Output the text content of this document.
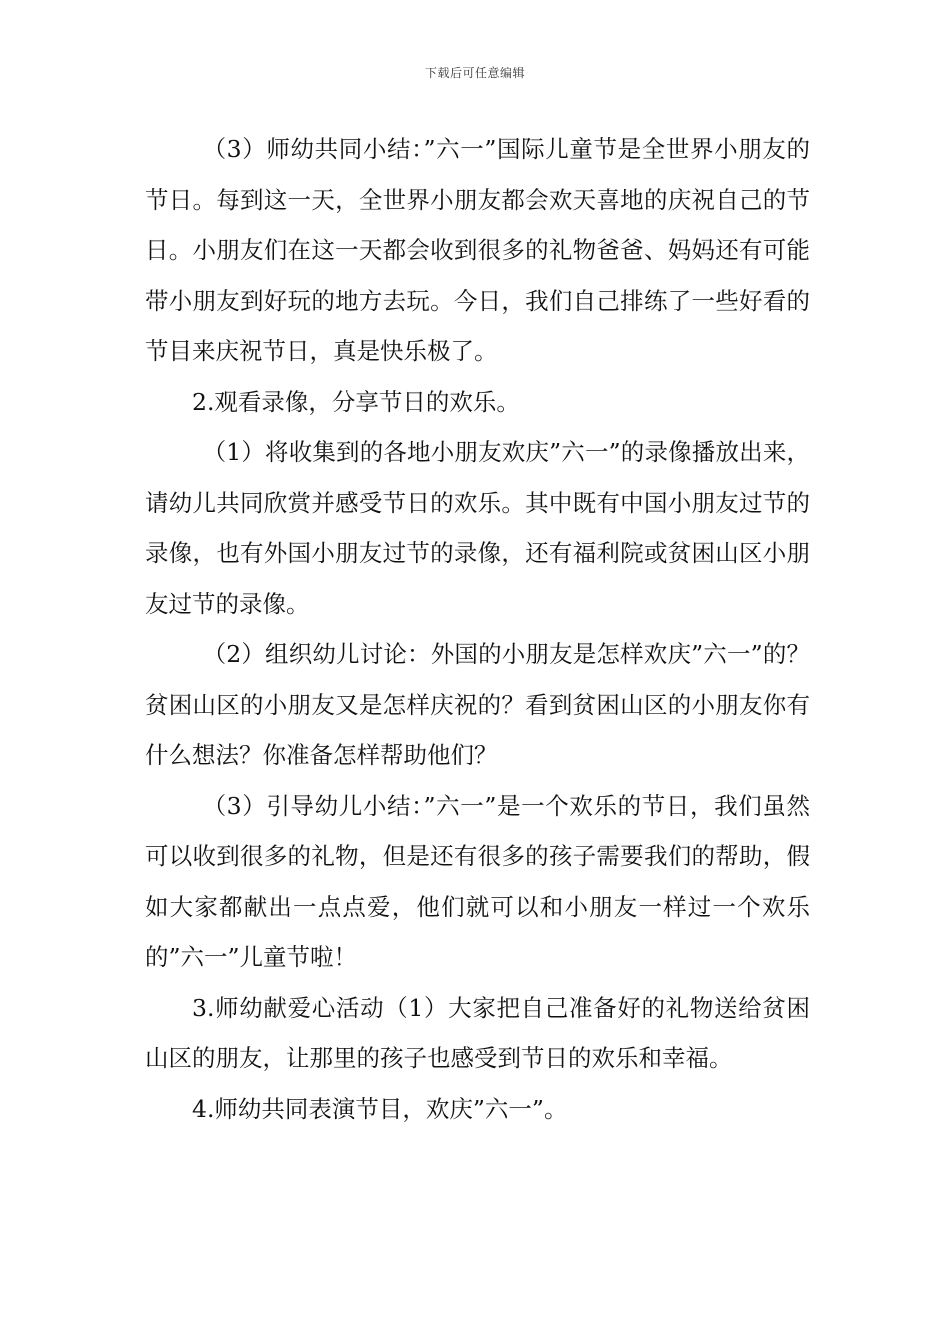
下载后可任意编辑

（3）师幼共同小结：”六一”国际儿童节是全世界小朋友的节日。每到这一天，全世界小朋友都会欢天喜地的庆祝自己的节日。小朋友们在这一天都会收到很多的礼物爸爸、妈妈还有可能带小朋友到好玩的地方去玩。今日，我们自己排练了一些好看的节目来庆祝节日，真是快乐极了。

2.观看录像，分享节日的欢乐。

（1）将收集到的各地小朋友欢庆”六一”的录像播放出来，请幼儿共同欣赏并感受节日的欢乐。其中既有中国小朋友过节的录像，也有外国小朋友过节的录像，还有福利院或贫困山区小朋友过节的录像。

（2）组织幼儿讨论：外国的小朋友是怎样欢庆”六一”的？贫困山区的小朋友又是怎样庆祝的？看到贫困山区的小朋友你有什么想法？你准备怎样帮助他们？

（3）引导幼儿小结：”六一”是一个欢乐的节日，我们虽然可以收到很多的礼物，但是还有很多的孩子需要我们的帮助，假如大家都献出一点点爱，他们就可以和小朋友一样过一个欢乐的”六一”儿童节啦！

3.师幼献爱心活动（1）大家把自己准备好的礼物送给贫困山区的朋友，让那里的孩子也感受到节日的欢乐和幸福。

4.师幼共同表演节目，欢庆”六一”。
